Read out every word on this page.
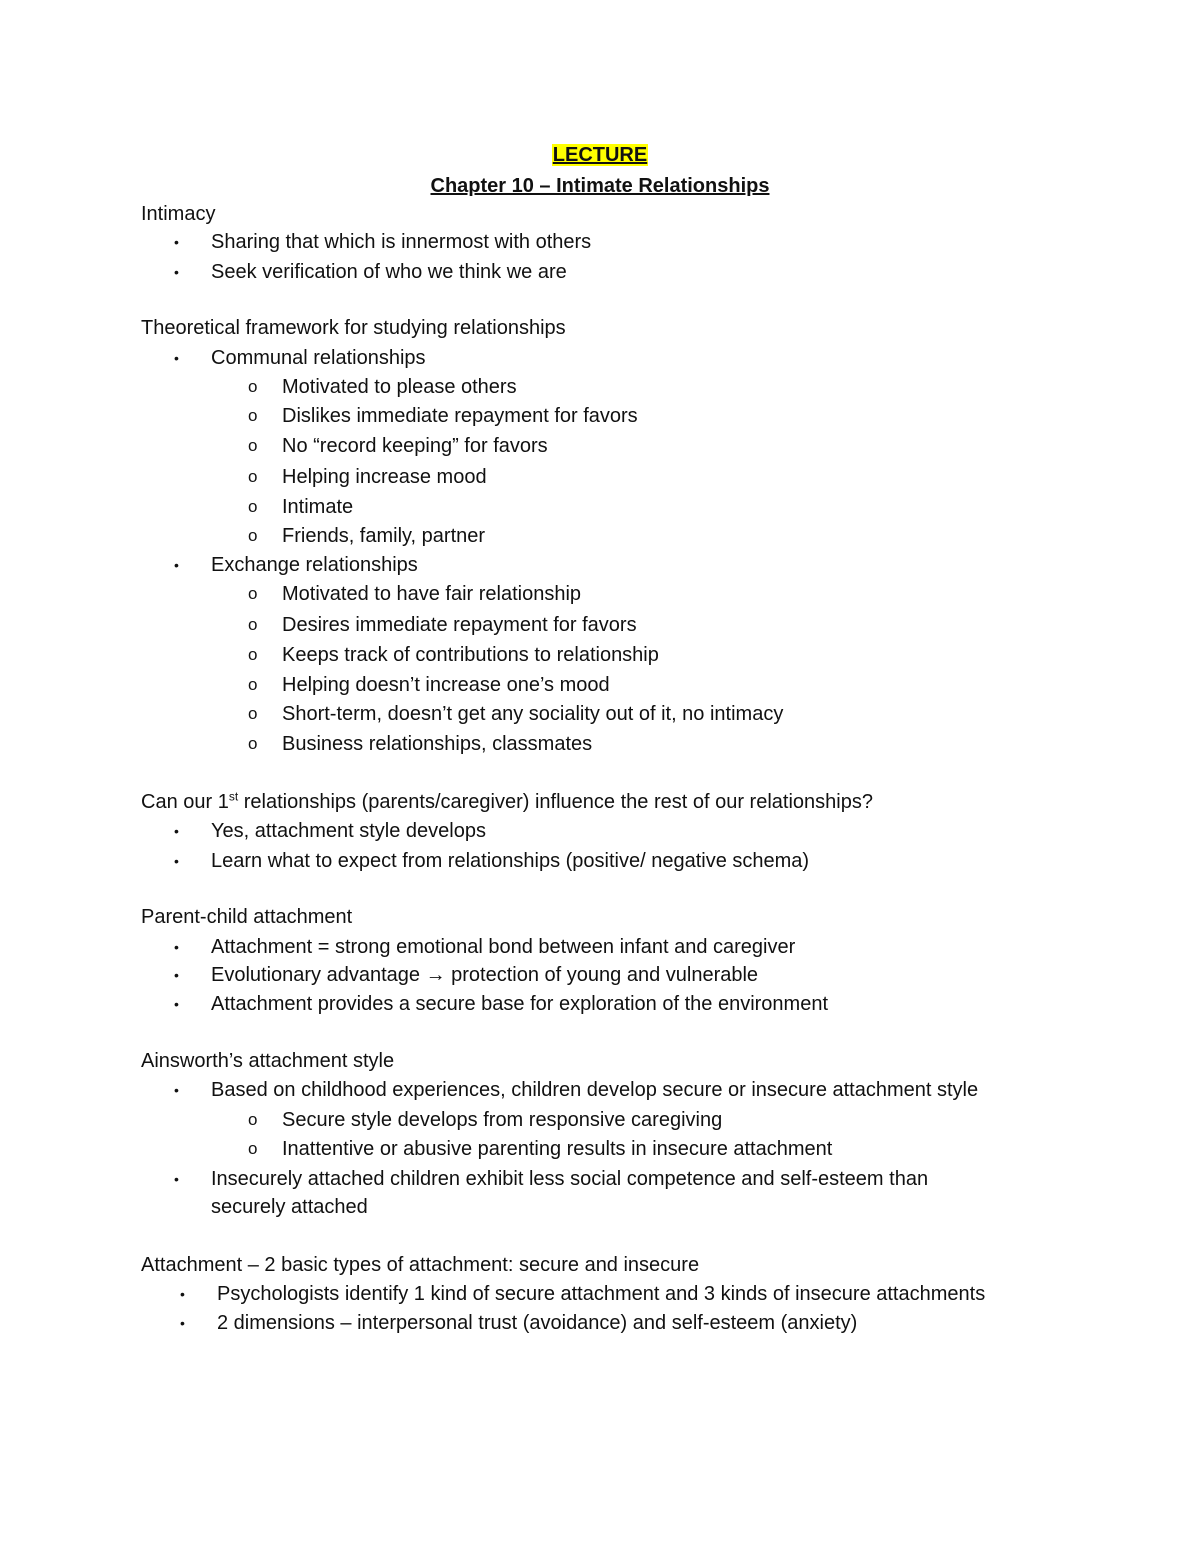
LECTURE
Chapter 10 – Intimate Relationships
Intimacy
• Sharing that which is innermost with others
• Seek verification of who we think we are
Theoretical framework for studying relationships
• Communal relationships
o Motivated to please others
o Dislikes immediate repayment for favors
o No “record keeping” for favors
o Helping increase mood
o Intimate
o Friends, family, partner
• Exchange relationships
o Motivated to have fair relationship
o Desires immediate repayment for favors
o Keeps track of contributions to relationship
o Helping doesn’t increase one’s mood
o Short-term, doesn’t get any sociality out of it, no intimacy
o Business relationships, classmates
Can our 1st relationships (parents/caregiver) influence the rest of our relationships?
• Yes, attachment style develops
• Learn what to expect from relationships (positive/ negative schema)
Parent-child attachment
• Attachment = strong emotional bond between infant and caregiver
• Evolutionary advantage → protection of young and vulnerable
• Attachment provides a secure base for exploration of the environment
Ainsworth’s attachment style
• Based on childhood experiences, children develop secure or insecure attachment style
o Secure style develops from responsive caregiving
o Inattentive or abusive parenting results in insecure attachment
• Insecurely attached children exhibit less social competence and self-esteem than
securely attached
Attachment – 2 basic types of attachment: secure and insecure
• Psychologists identify 1 kind of secure attachment and 3 kinds of insecure attachments
• 2 dimensions – interpersonal trust (avoidance) and self-esteem (anxiety)
